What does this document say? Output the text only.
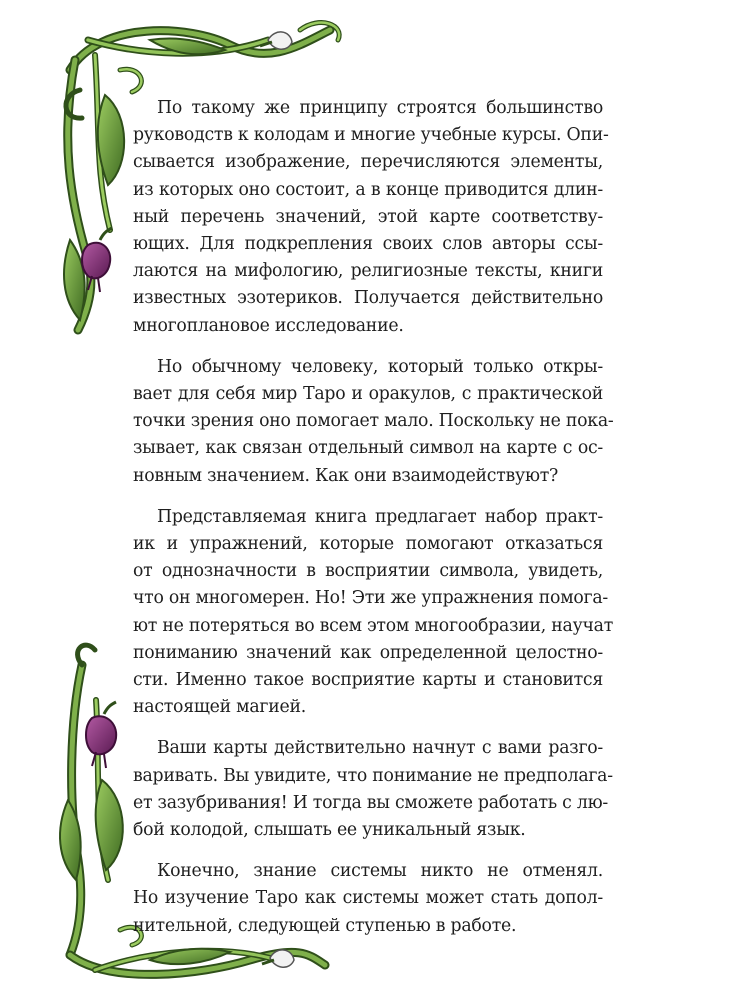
По такому же принципу строятся большинство
руководств к колодам и многие учебные курсы. Опи-
сывается изображение, перечисляются элементы,
из которых оно состоит, а в конце приводится длин-
ный перечень значений, этой карте соответству-
ющих. Для подкрепления своих слов авторы ссы-
лаются на мифологию, религиозные тексты, книги
известных эзотериков. Получается действительно
многоплановое исследование.

Но обычному человеку, который только откры-
вает для себя мир Таро и оракулов, с практической
точки зрения оно помогает мало. Поскольку не пока-
зывает, как связан отдельный символ на карте с ос-
новным значением. Как они взаимодействуют?

Представляемая книга предлагает набор практ-
ик и упражнений, которые помогают отказаться
от однозначности в восприятии символа, увидеть,
что он многомерен. Но! Эти же упражнения помога-
ют не потеряться во всем этом многообразии, научат
пониманию значений как определенной целостно-
сти. Именно такое восприятие карты и становится
настоящей магией.

Ваши карты действительно начнут с вами разго-
варивать. Вы увидите, что понимание не предполага-
ет зазубривания! И тогда вы сможете работать с лю-
бой колодой, слышать ее уникальный язык.

Конечно, знание системы никто не отменял.
Но изучение Таро как системы может стать допол-
нительной, следующей ступенью в работе.
